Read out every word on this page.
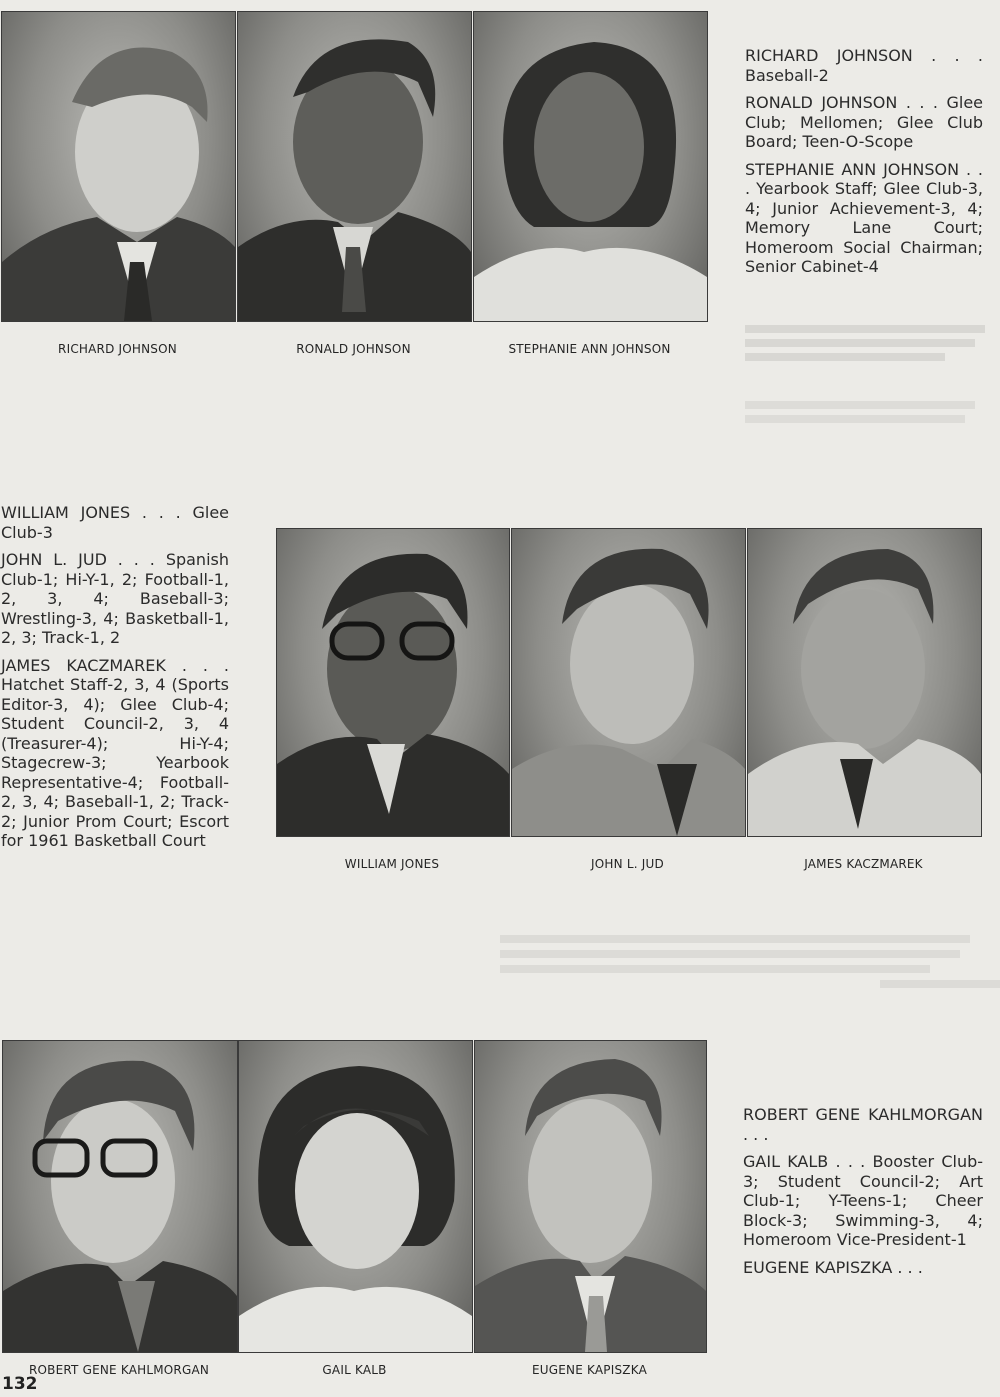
RICHARD JOHNSON	RONALD JOHNSON	STEPHANIE ANN JOHNSON

RICHARD JOHNSON . . . Baseball-2

RONALD JOHNSON . . . Glee Club; Mellomen; Glee Club Board; Teen-O-Scope

STEPHANIE ANN JOHNSON . . . Yearbook Staff; Glee Club-3, 4; Junior Achievement-3, 4; Memory Lane Court; Homeroom Social Chairman; Senior Cabinet-4

WILLIAM JONES . . . Glee Club-3

JOHN L. JUD . . . Spanish Club-1; Hi-Y-1, 2; Football-1, 2, 3, 4; Baseball-3; Wrestling-3, 4; Basketball-1, 2, 3; Track-1, 2

JAMES KACZMAREK . . . Hatchet Staff-2, 3, 4 (Sports Editor-3, 4); Glee Club-4; Student Council-2, 3, 4 (Treasurer-4); Hi-Y-4; Stagecrew-3; Yearbook Representative-4; Football-2, 3, 4; Baseball-1, 2; Track-2; Junior Prom Court; Escort for 1961 Basketball Court

WILLIAM JONES	JOHN L. JUD	JAMES KACZMAREK
ROBERT GENE KAHLMORGAN	GAIL KALB	EUGENE KAPISZKA

ROBERT GENE KAHLMORGAN . . .

GAIL KALB . . . Booster Club-3; Student Council-2; Art Club-1; Y-Teens-1; Cheer Block-3; Swimming-3, 4; Homeroom Vice-President-1

EUGENE KAPISZKA . . .

132
